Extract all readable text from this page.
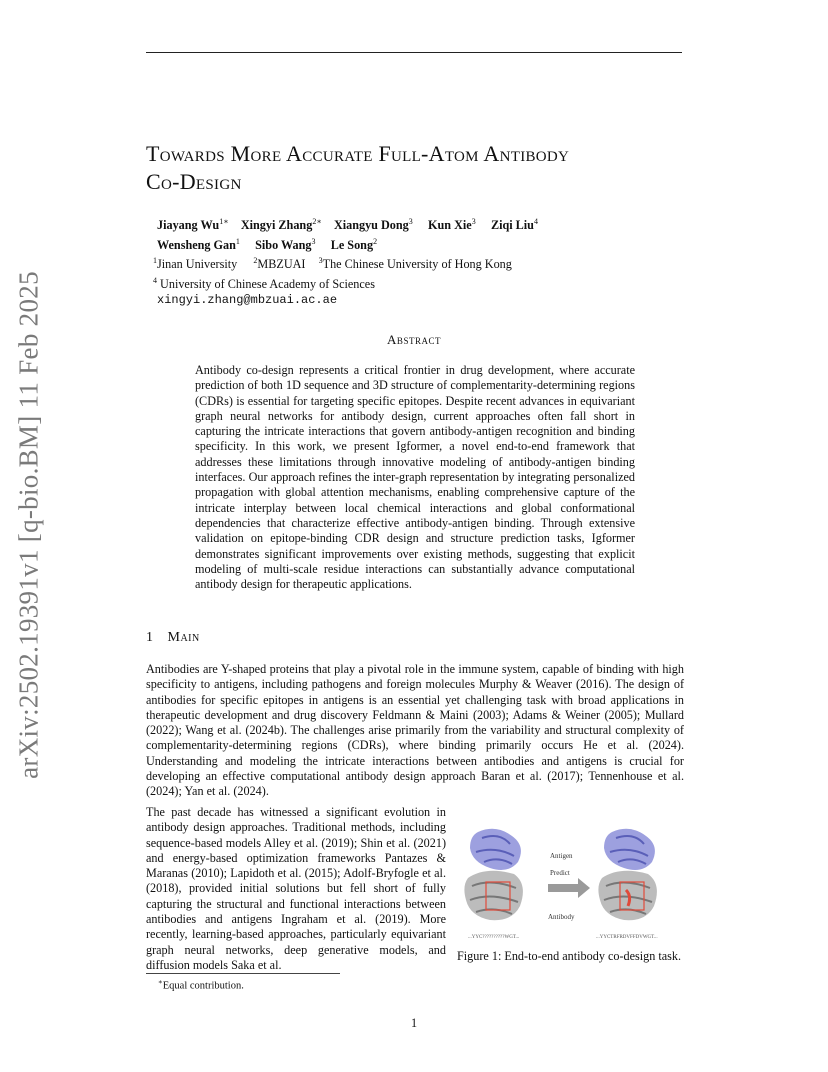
arXiv:2502.19391v1 [q-bio.BM] 11 Feb 2025
Towards More Accurate Full-Atom Antibody
Co-Design
Jiayang $Wu^{1∗}$ Xingyi Zhang$^{2∗}$ Xiangyu Dong$^3$ Kun Xie$^3$ Ziqi Liu$^4$
Wensheng Gan$^1$ Sibo Wang$^3$ Le Song$^2$
$^1$Jinan University $^2$MBZUAI $^3$The Chinese University of Hong Kong
$^4$ University of Chinese Academy of Sciences
xingyi.zhang@mbzuai.ac.ae
Abstract
Antibody co-design represents a critical frontier in drug development, where accurate prediction of both 1D sequence and 3D structure of complementarity-determining regions (CDRs) is essential for targeting specific epitopes. Despite recent advances in equivariant graph neural networks for antibody design, current approaches often fall short in capturing the intricate interactions that govern antibody-antigen recognition and binding specificity. In this work, we present Igformer, a novel end-to-end framework that addresses these limitations through innovative modeling of antibody-antigen binding interfaces. Our approach refines the inter-graph representation by integrating personalized propagation with global attention mechanisms, enabling comprehensive capture of the intricate interplay between local chemical interactions and global conformational dependencies that characterize effective antibody-antigen binding. Through extensive validation on epitope-binding CDR design and structure prediction tasks, Igformer demonstrates significant improvements over existing methods, suggesting that explicit modeling of multi-scale residue interactions can substantially advance computational antibody design for therapeutic applications.
1 Main
Antibodies are Y-shaped proteins that play a pivotal role in the immune system, capable of binding with high specificity to antigens, including pathogens and foreign molecules Murphy & Weaver (2016). The design of antibodies for specific epitopes in antigens is an essential yet challenging task with broad applications in therapeutic development and drug discovery Feldmann & Maini (2003); Adams & Weiner (2005); Mullard (2022); Wang et al. (2024b). The challenges arise primarily from the variability and structural complexity of complementarity-determining regions (CDRs), where binding primarily occurs He et al. (2024). Understanding and modeling the intricate interactions between antibodies and antigens is crucial for developing an effective computational antibody design approach Baran et al. (2017); Tennenhouse et al. (2024); Yan et al. (2024).
The past decade has witnessed a significant evolution in antibody design approaches. Traditional methods, including sequence-based models Alley et al. (2019); Shin et al. (2021) and energy-based optimization frameworks Pantazes & Maranas (2010); Lapidoth et al. (2015); Adolf-Bryfogle et al. (2018), provided initial solutions but fell short of fully capturing the structural and functional interactions between antibodies and antigens Ingraham et al. (2019). More recently, learning-based approaches, particularly equivariant graph neural networks, deep generative models, and diffusion models Saka et al.
Antigen
Predict
Antibody
...YYC??????????WGT...	...YYCTRFRDVFFDVWGT...
Figure 1: End-to-end antibody co-design task.
∗Equal contribution.
1
